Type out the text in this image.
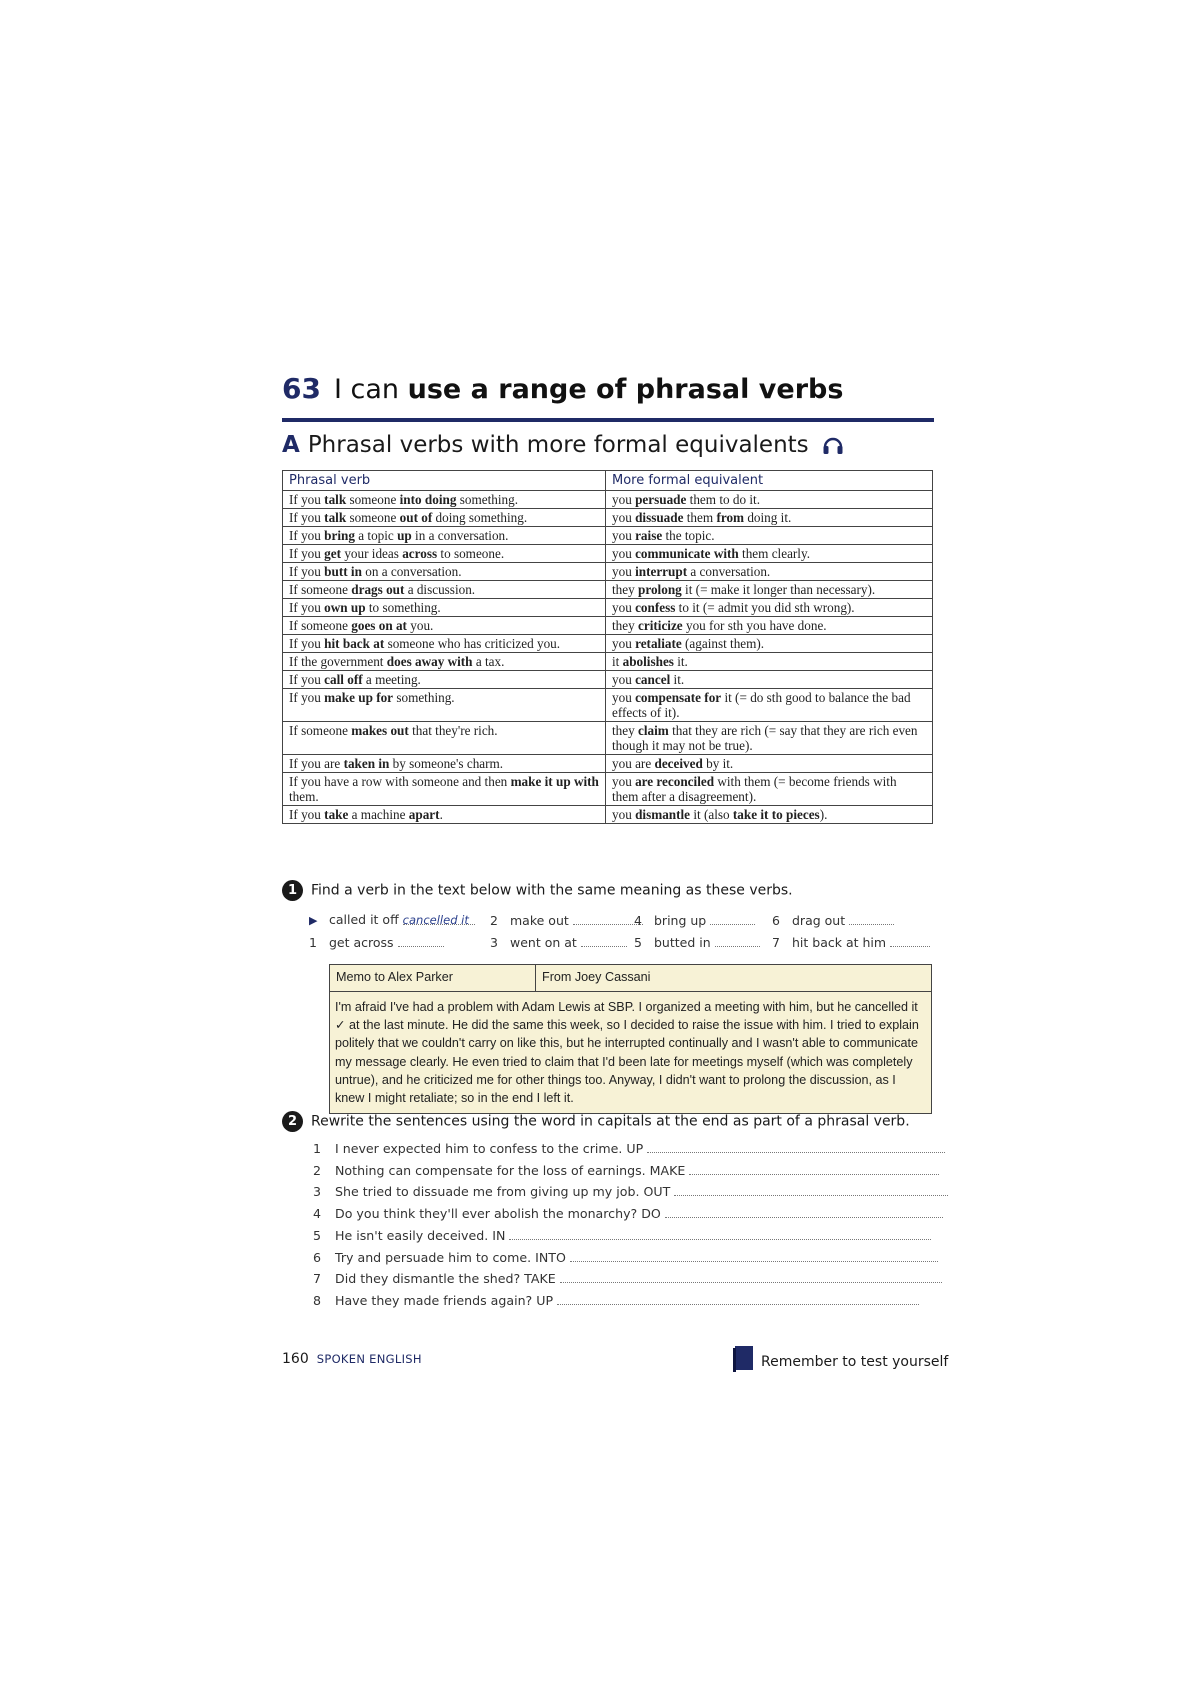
63 I can use a range of phrasal verbs
A Phrasal verbs with more formal equivalents
Phrasal verb	More formal equivalent
If you talk someone into doing something.	you persuade them to do it.
If you talk someone out of doing something.	you dissuade them from doing it.
If you bring a topic up in a conversation.	you raise the topic.
If you get your ideas across to someone.	you communicate with them clearly.
If you butt in on a conversation.	you interrupt a conversation.
If someone drags out a discussion.	they prolong it (= make it longer than necessary).
If you own up to something.	you confess to it (= admit you did sth wrong).
If someone goes on at you.	they criticize you for sth you have done.
If you hit back at someone who has criticized you.	you retaliate (against them).
If the government does away with a tax.	it abolishes it.
If you call off a meeting.	you cancel it.
If you make up for something.	you compensate for it (= do sth good to balance the bad effects of it).
If someone makes out that they're rich.	they claim that they are rich (= say that they are rich even though it may not be true).
If you are taken in by someone's charm.	you are deceived by it.
If you have a row with someone and then make it up with them.	you are reconciled with them (= become friends with them after a disagreement).
If you take a machine apart.	you dismantle it (also take it to pieces).
1 Find a verb in the text below with the same meaning as these verbs.
▶ called it off cancelled it	2 make out	4 bring up	6 drag out
1 get across	3 went on at	5 butted in	7 hit back at him
Memo to Alex Parker	From Joey Cassani
I'm afraid I've had a problem with Adam Lewis at SBP. I organized a meeting with him, but he cancelled it ✓ at the last minute. He did the same this week, so I decided to raise the issue with him. I tried to explain politely that we couldn't carry on like this, but he interrupted continually and I wasn't able to communicate my message clearly. He even tried to claim that I'd been late for meetings myself (which was completely untrue), and he criticized me for other things too. Anyway, I didn't want to prolong the discussion, as I knew I might retaliate; so in the end I left it.
2 Rewrite the sentences using the word in capitals at the end as part of a phrasal verb.
1 I never expected him to confess to the crime. UP
2 Nothing can compensate for the loss of earnings. MAKE
3 She tried to dissuade me from giving up my job. OUT
4 Do you think they'll ever abolish the monarchy? DO
5 He isn't easily deceived. IN
6 Try and persuade him to come. INTO
7 Did they dismantle the shed? TAKE
8 Have they made friends again? UP
160 SPOKEN ENGLISH	Remember to test yourself
